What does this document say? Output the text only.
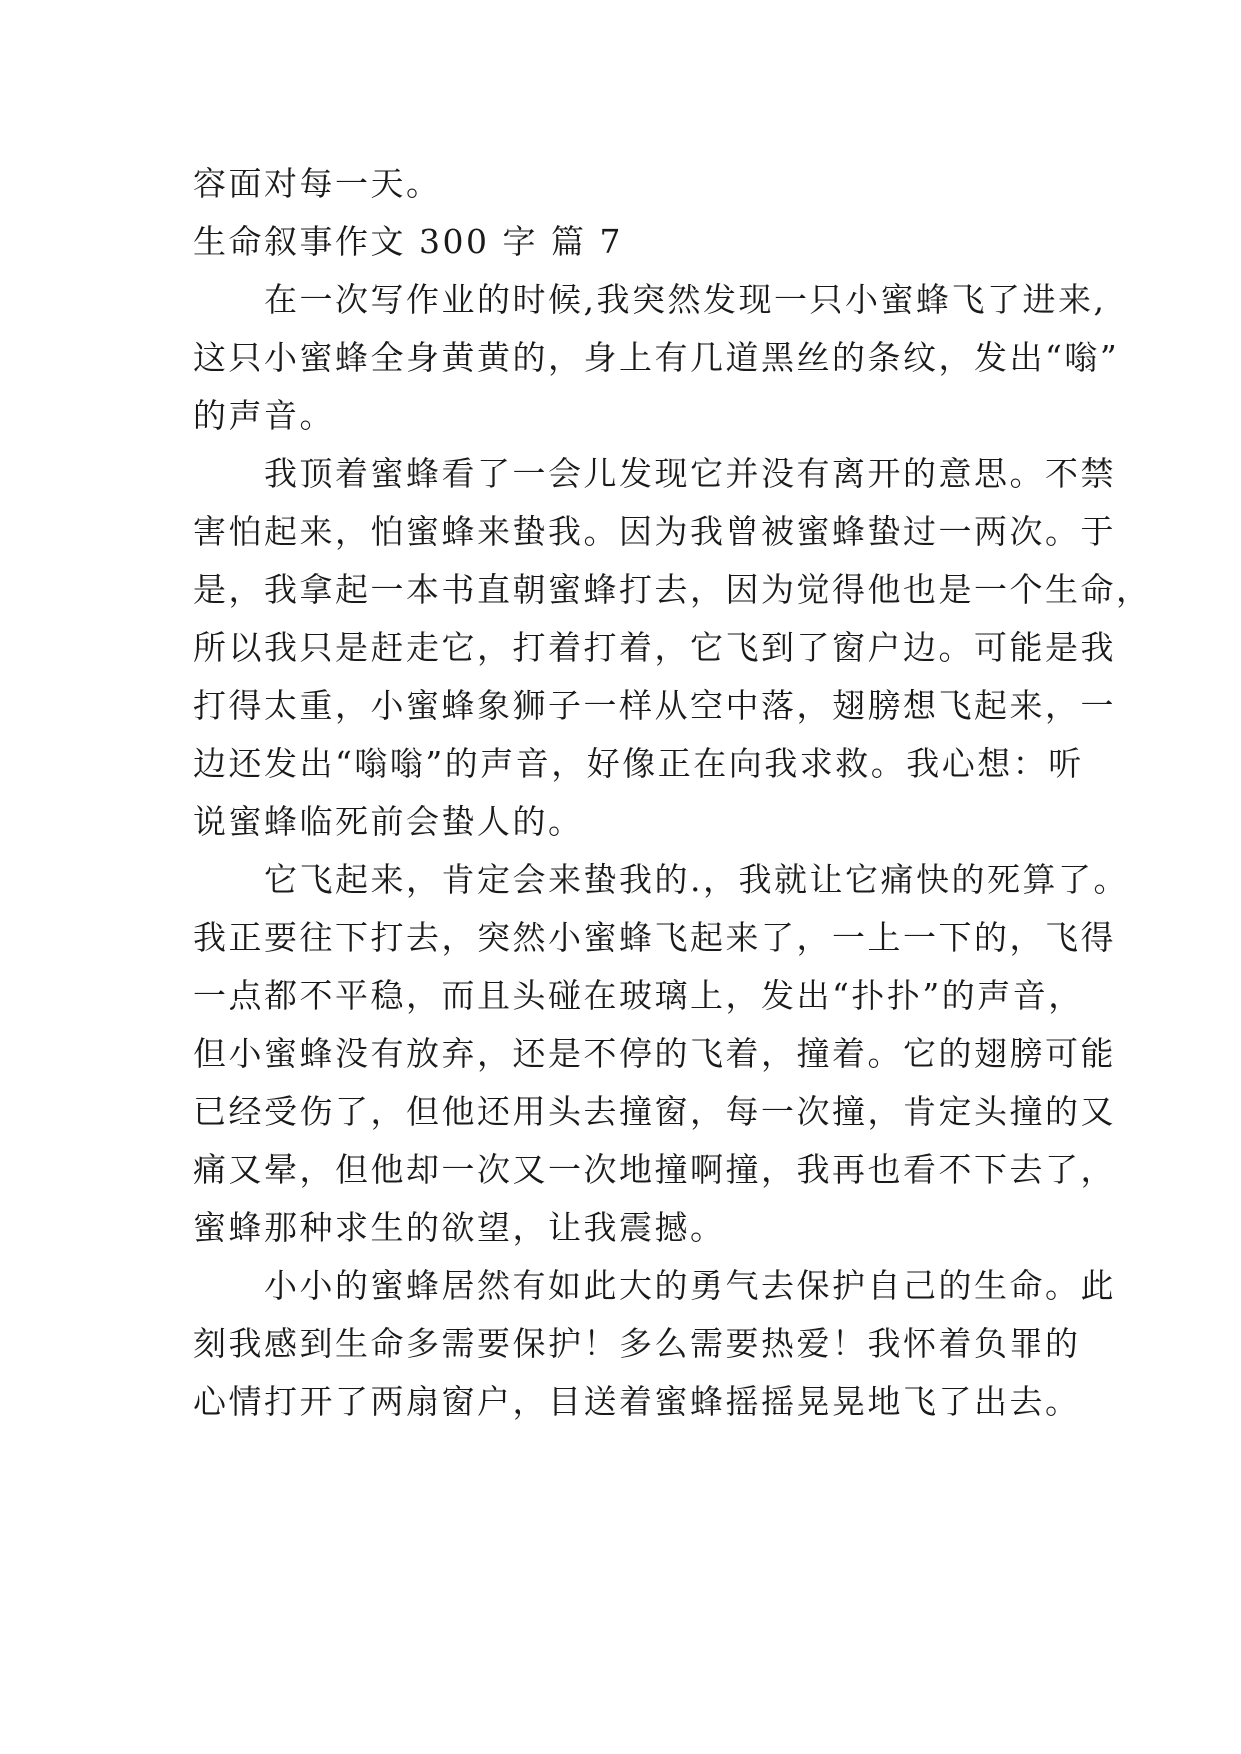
容面对每一天。
生命叙事作文 300 字 篇 7
　　在一次写作业的时候,我突然发现一只小蜜蜂飞了进来,
这只小蜜蜂全身黄黄的，身上有几道黑丝的条纹，发出“嗡”
的声音。
　　我顶着蜜蜂看了一会儿发现它并没有离开的意思。不禁
害怕起来，怕蜜蜂来蛰我。因为我曾被蜜蜂蛰过一两次。于
是，我拿起一本书直朝蜜蜂打去，因为觉得他也是一个生命，
所以我只是赶走它，打着打着，它飞到了窗户边。可能是我
打得太重，小蜜蜂象狮子一样从空中落，翅膀想飞起来，一
边还发出“嗡嗡”的声音，好像正在向我求救。我心想：听
说蜜蜂临死前会蛰人的。
　　它飞起来，肯定会来蛰我的.，我就让它痛快的死算了。
我正要往下打去，突然小蜜蜂飞起来了，一上一下的，飞得
一点都不平稳，而且头碰在玻璃上，发出“扑扑”的声音，
但小蜜蜂没有放弃，还是不停的飞着，撞着。它的翅膀可能
已经受伤了，但他还用头去撞窗，每一次撞，肯定头撞的又
痛又晕，但他却一次又一次地撞啊撞，我再也看不下去了，
蜜蜂那种求生的欲望，让我震撼。
　　小小的蜜蜂居然有如此大的勇气去保护自己的生命。此
刻我感到生命多需要保护！多么需要热爱！我怀着负罪的
心情打开了两扇窗户，目送着蜜蜂摇摇晃晃地飞了出去。
